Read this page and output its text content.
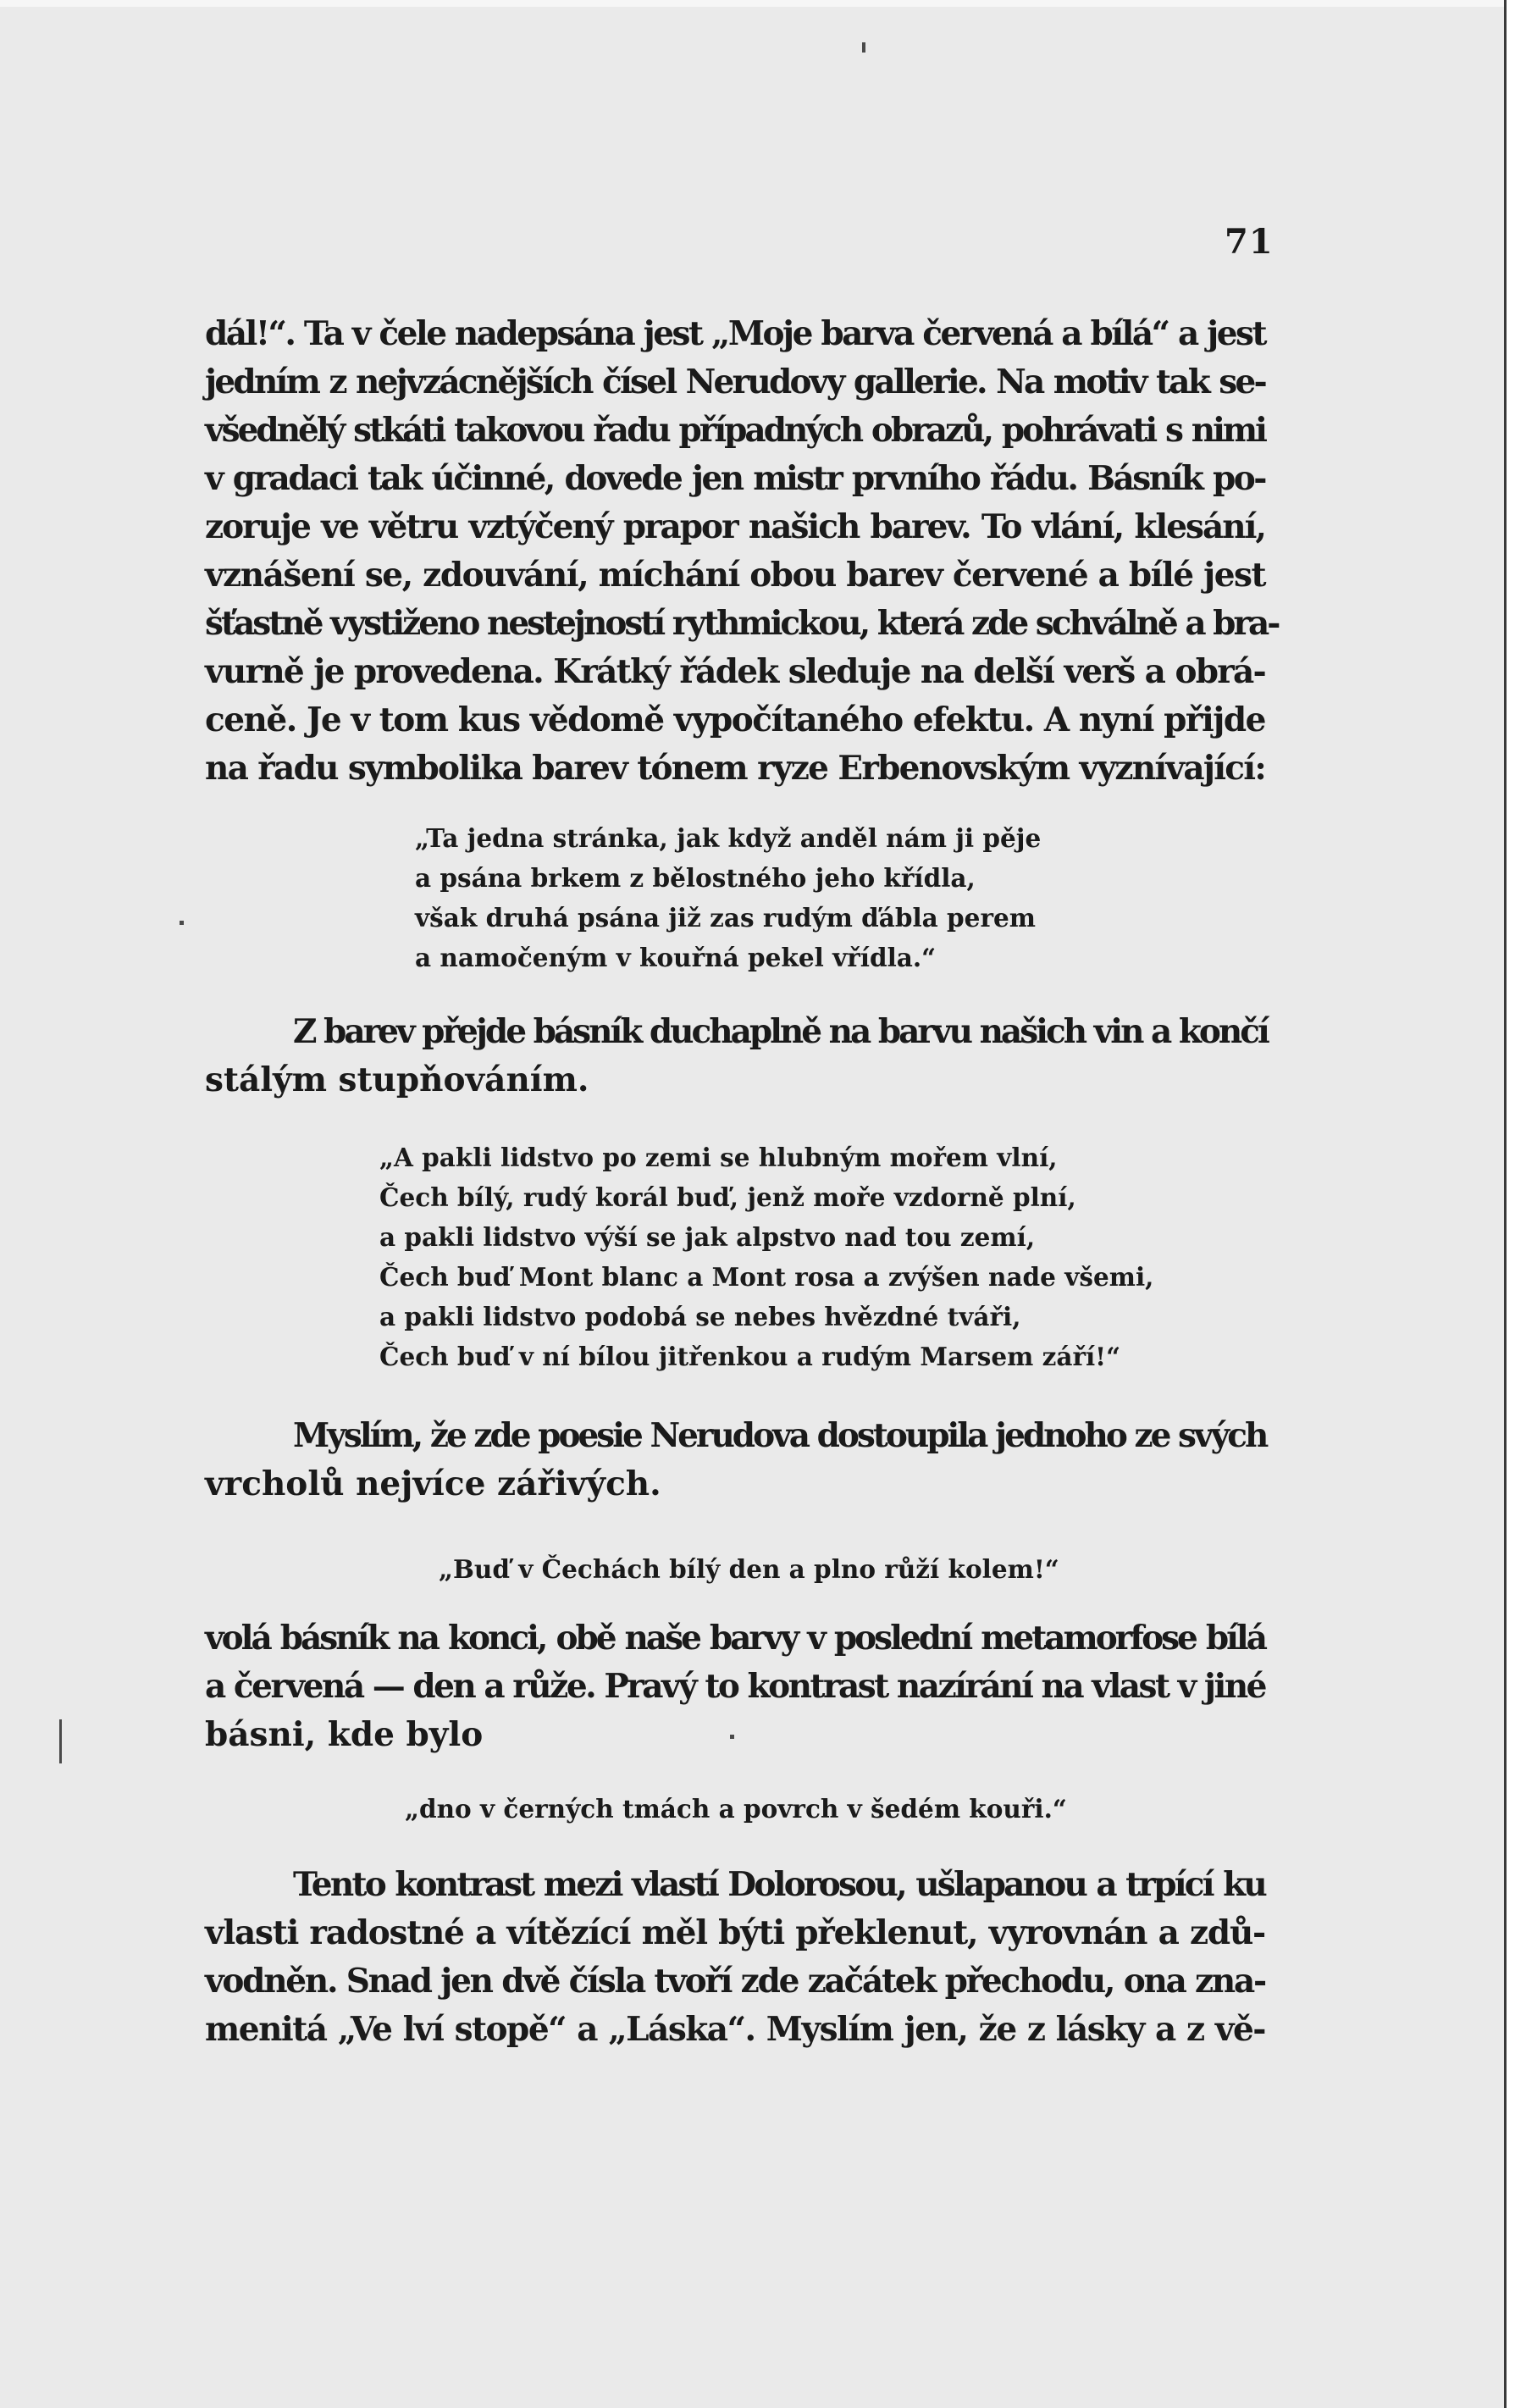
71
dál!“. Ta v čele nadepsána jest „Moje barva červená a bílá“ a jest
jedním z nejvzácnějších čísel Nerudovy gallerie. Na motiv tak se-
všednělý stkáti takovou řadu případných obrazů, pohrávati s nimi
v gradaci tak účinné, dovede jen mistr prvního řádu. Básník po-
zoruje ve větru vztýčený prapor našich barev. To vlání, klesání,
vznášení se, zdouvání, míchání obou barev červené a bílé jest
šťastně vystiženo nestejností rythmickou, která zde schválně a bra-
vurně je provedena. Krátký řádek sleduje na delší verš a obrá-
ceně. Je v tom kus vědomě vypočítaného efektu. A nyní přijde
na řadu symbolika barev tónem ryze Erbenovským vyznívající:
„Ta jedna stránka, jak když anděl nám ji pěje
a psána brkem z bělostného jeho křídla,
však druhá psána již zas rudým ďábla perem
a namočeným v kouřná pekel vřídla.“
Z barev přejde básník duchaplně na barvu našich vin a končí
stálým stupňováním.
„A pakli lidstvo po zemi se hlubným mořem vlní,
Čech bílý, rudý korál buď, jenž moře vzdorně plní,
a pakli lidstvo výší se jak alpstvo nad tou zemí,
Čech buď Mont blanc a Mont rosa a zvýšen nade všemi,
a pakli lidstvo podobá se nebes hvězdné tváři,
Čech buď v ní bílou jitřenkou a rudým Marsem září!“
Myslím, že zde poesie Nerudova dostoupila jednoho ze svých
vrcholů nejvíce zářivých.
„Buď v Čechách bílý den a plno růží kolem!“
volá básník na konci, obě naše barvy v poslední metamorfose bílá
a červená — den a růže. Pravý to kontrast nazírání na vlast v jiné
básni, kde bylo
„dno v černých tmách a povrch v šedém kouři.“
Tento kontrast mezi vlastí Dolorosou, ušlapanou a trpící ku
vlasti radostné a vítězící měl býti překlenut, vyrovnán a zdů-
vodněn. Snad jen dvě čísla tvoří zde začátek přechodu, ona zna-
menitá „Ve lví stopě“ a „Láska“. Myslím jen, že z lásky a z vě-
